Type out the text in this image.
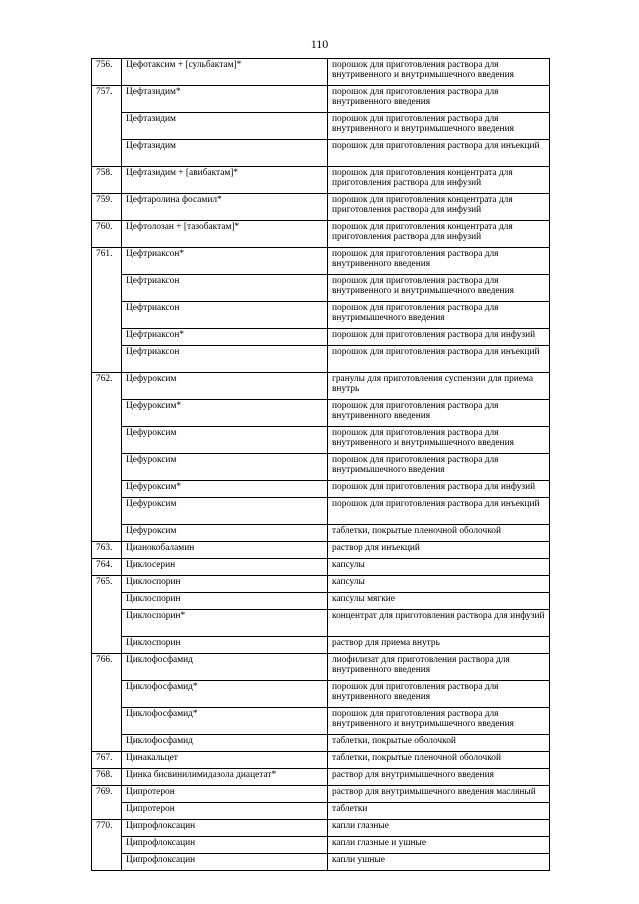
110
756.	Цефотаксим + [сульбактам]*	порошок для приготовления раствора для внутривенного и внутримышечного введения
757.	Цефтазидим*	порошок для приготовления раствора для внутривенного введения
	Цефтазидим	порошок для приготовления раствора для внутривенного и внутримышечного введения
	Цефтазидим	порошок для приготовления раствора для инъекций
758.	Цефтазидим + [авибактам]*	порошок для приготовления концентрата для приготовления раствора для инфузий
759.	Цефтаролина фосамил*	порошок для приготовления концентрата для приготовления раствора для инфузий
760.	Цефтолозан + [тазобактам]*	порошок для приготовления концентрата для приготовления раствора для инфузий
761.	Цефтриаксон*	порошок для приготовления раствора для внутривенного введения
	Цефтриаксон	порошок для приготовления раствора для внутривенного и внутримышечного введения
	Цефтриаксон	порошок для приготовления раствора для внутримышечного введения
	Цефтриаксон*	порошок для приготовления раствора для инфузий
	Цефтриаксон	порошок для приготовления раствора для инъекций
762.	Цефуроксим	гранулы для приготовления суспензии для приема внутрь
	Цефуроксим*	порошок для приготовления раствора для внутривенного введения
	Цефуроксим	порошок для приготовления раствора для внутривенного и внутримышечного введения
	Цефуроксим	порошок для приготовления раствора для внутримышечного введения
	Цефуроксим*	порошок для приготовления раствора для инфузий
	Цефуроксим	порошок для приготовления раствора для инъекций
	Цефуроксим	таблетки, покрытые пленочной оболочкой
763.	Цианокобаламин	раствор для инъекций
764.	Циклосерин	капсулы
765.	Циклоспорин	капсулы
	Циклоспорин	капсулы мягкие
	Циклоспорин*	концентрат для приготовления раствора для инфузий
	Циклоспорин	раствор для приема внутрь
766.	Циклофосфамид	лиофилизат для приготовления раствора для внутривенного введения
	Циклофосфамид*	порошок для приготовления раствора для внутривенного введения
	Циклофосфамид*	порошок для приготовления раствора для внутривенного и внутримышечного введения
	Циклофосфамид	таблетки, покрытые оболочкой
767.	Цинакальцет	таблетки, покрытые пленочной оболочкой
768.	Цинка бисвинилимидазола диацетат*	раствор для внутримышечного введения
769.	Ципротерон	раствор для внутримышечного введения масляный
	Ципротерон	таблетки
770.	Ципрофлоксацин	капли глазные
	Ципрофлоксацин	капли глазные и ушные
	Ципрофлоксацин	капли ушные
